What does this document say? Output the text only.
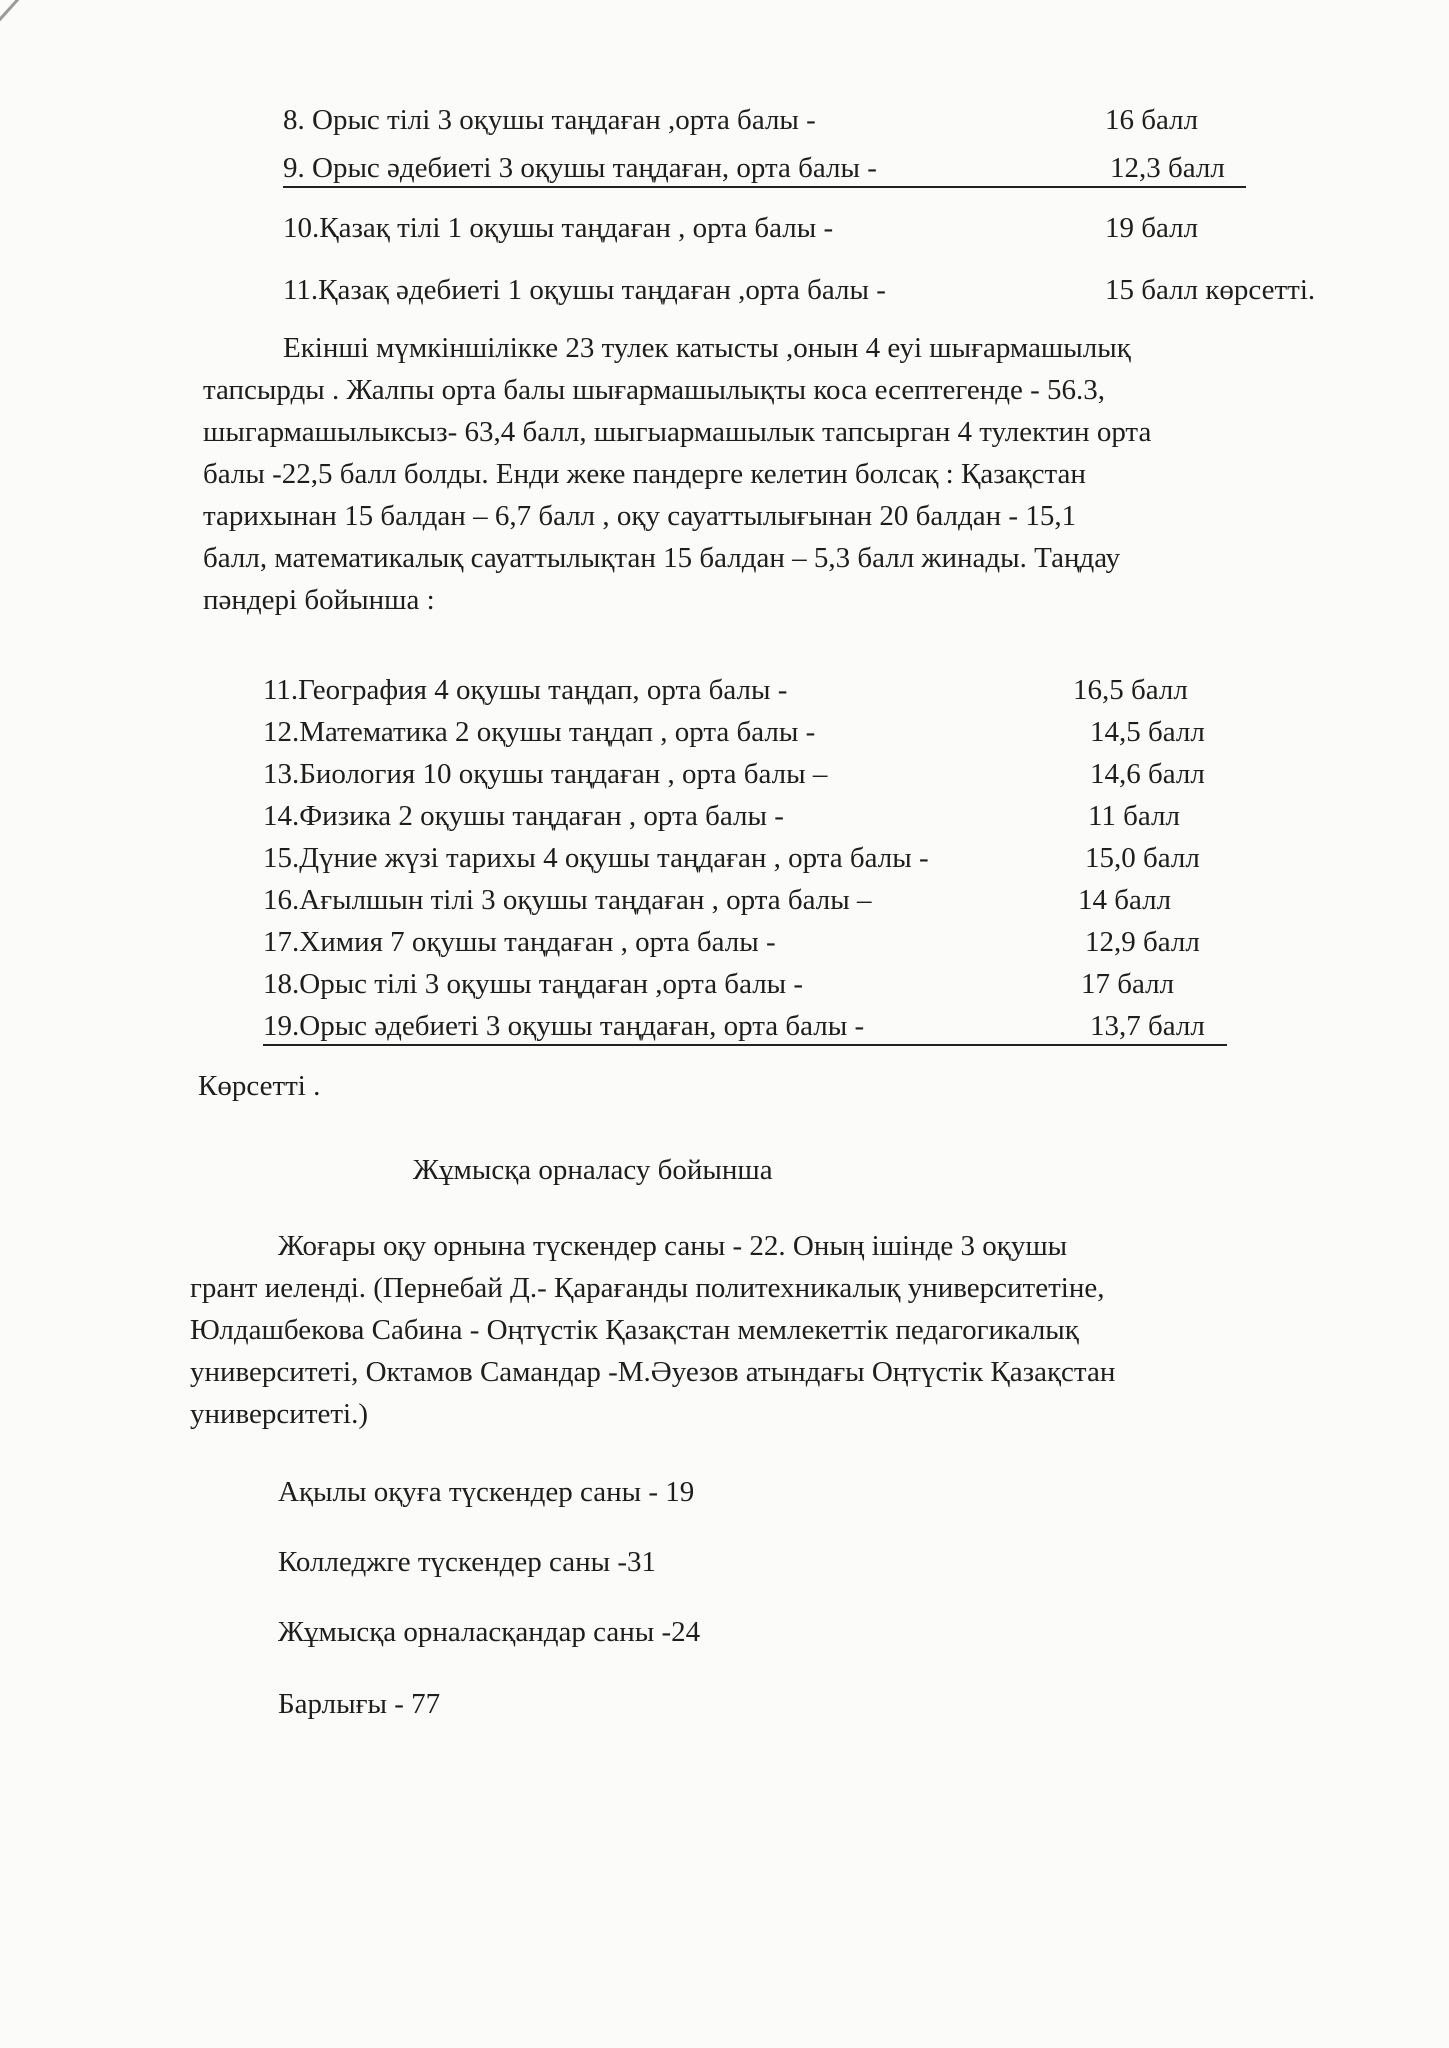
8. Орыс тілі 3 оқушы таңдаған ,орта балы -	16 балл
9. Орыс әдебиеті 3 оқушы таңдаған, орта балы -	12,3 балл
10.Қазақ тілі 1 оқушы таңдаған , орта балы -	19 балл
11.Қазақ әдебиеті 1 оқушы таңдаған ,орта балы -	15 балл көрсетті.
Екінші мүмкіншілікке 23 тулек катысты ,онын 4 еуі шығармашылық
тапсырды . Жалпы орта балы шығармашылықты коса есептегенде - 56.3,
шыгармашылыксыз- 63,4 балл, шыгыармашылык тапсырган 4 тулектин орта
балы -22,5 балл болды. Енди жеке пандерге келетин болсақ : Қазақстан
тарихынан 15 балдан – 6,7 балл , оқу сауаттылығынан 20 балдан - 15,1
балл, математикалық сауаттылықтан 15 балдан – 5,3 балл жинады. Таңдау
пәндері бойынша :
11.География 4 оқушы таңдап, орта балы -	16,5 балл
12.Математика 2 оқушы таңдап , орта балы -	14,5 балл
13.Биология 10 оқушы таңдаған , орта балы –	14,6 балл
14.Физика 2 оқушы таңдаған , орта балы -	11 балл
15.Дүние жүзі тарихы 4 оқушы таңдаған , орта балы -	15,0 балл
16.Ағылшын тілі 3 оқушы таңдаған , орта балы –	14 балл
17.Химия 7 оқушы таңдаған , орта балы -	12,9 балл
18.Орыс тілі 3 оқушы таңдаған ,орта балы -	17 балл
19.Орыс әдебиеті 3 оқушы таңдаған, орта балы -	13,7 балл
Көрсетті .
Жұмысқа орналасу бойынша
Жоғары оқу орнына түскендер саны - 22. Оның ішінде 3 оқушы
грант иеленді. (Пернебай Д.- Қарағанды политехникалық университетіне,
Юлдашбекова Сабина - Оңтүстік Қазақстан мемлекеттік педагогикалық
университеті, Октамов Самандар -М.Әуезов атындағы Оңтүстік Қазақстан
университеті.)
Ақылы оқуға түскендер саны - 19
Колледжге түскендер саны -31
Жұмысқа орналасқандар саны -24
Барлығы - 77
